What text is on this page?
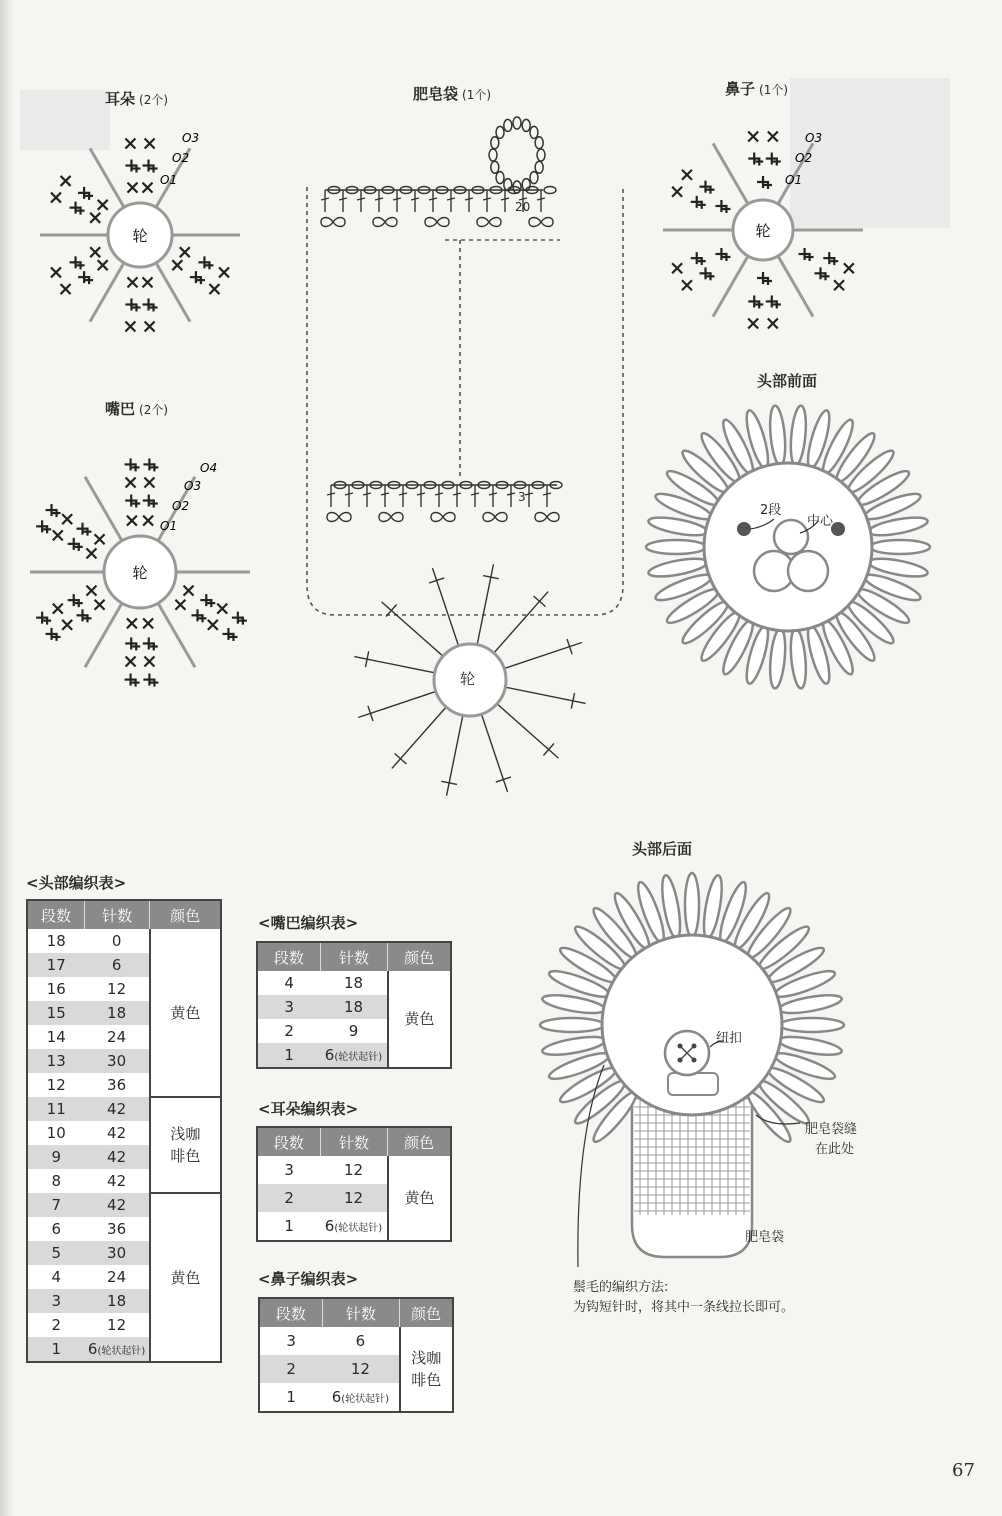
耳朵 (2个)
轮
O3
O2
O1
嘴巴 (2个)
轮
O4
O3
O2
O1
鼻子 (1个)
轮
O3
O2
O1
肥皂袋 (1个)
20
3
轮
头部前面
2段
中心
头部后面
纽扣
肥皂袋缝
在此处
肥皂袋
鬃毛的编织方法:
为钩短针时，将其中一条线拉长即可。
<头部编织表>
段数	针数	颜色
18	0	黄色
17	6	
16	12	
15	18	
14	24	
13	30	
12	36	
11	42	浅咖
啡色
10	42	
9	42	
8	42	
7	42	黄色
6	36	
5	30	
4	24	
3	18	
2	12	
1	6(轮状起针)	
<嘴巴编织表>
段数	针数	颜色
4	18	黄色
3	18	
2	9	
1	6(轮状起针)	
<耳朵编织表>
段数	针数	颜色
3	12	黄色
2	12	
1	6(轮状起针)	
<鼻子编织表>
段数	针数	颜色
3	6	浅咖
啡色
2	12	
1	6(轮状起针)	
67
